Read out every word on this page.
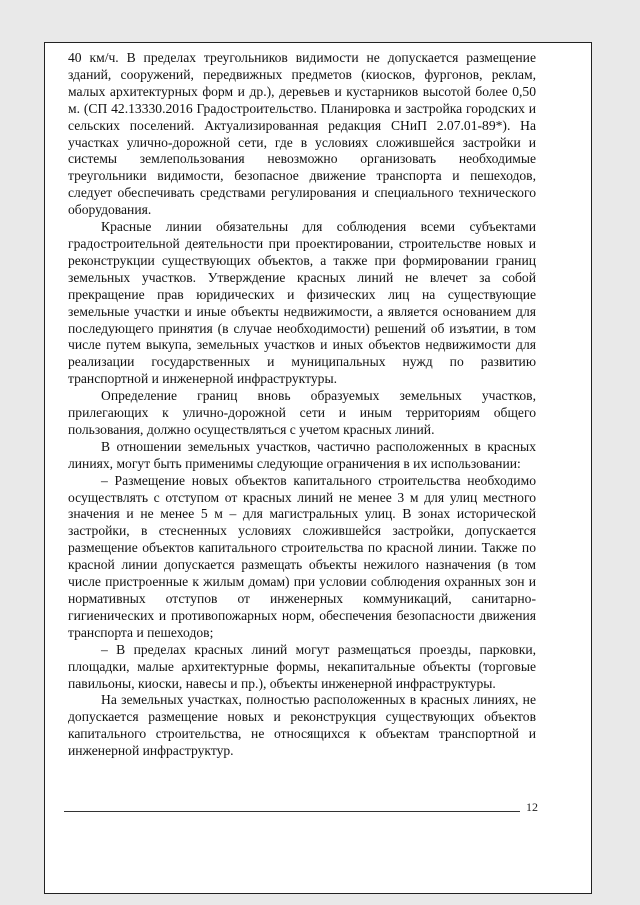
40 км/ч. В пределах треугольников видимости не допускается размещение зданий, сооружений, передвижных предметов (киосков, фургонов, реклам, малых архитектурных форм и др.), деревьев и кустарников высотой более 0,50 м. (СП 42.13330.2016 Градостроительство. Планировка и застройка городских и сельских поселений. Актуализированная редакция СНиП 2.07.01-89*). На участках улично-дорожной сети, где в условиях сложившейся застройки и системы землепользования невозможно организовать необходимые треугольники видимости, безопасное движение транспорта и пешеходов, следует обеспечивать средствами регулирования и специального технического оборудования.

Красные линии обязательны для соблюдения всеми субъектами градостроительной деятельности при проектировании, строительстве новых и реконструкции существующих объектов, а также при формировании границ земельных участков. Утверждение красных линий не влечет за собой прекращение прав юридических и физических лиц на существующие земельные участки и иные объекты недвижимости, а является основанием для последующего принятия (в случае необходимости) решений об изъятии, в том числе путем выкупа, земельных участков и иных объектов недвижимости для реализации государственных и муниципальных нужд по развитию транспортной и инженерной инфраструктуры.

Определение границ вновь образуемых земельных участков, прилегающих к улично-дорожной сети и иным территориям общего пользования, должно осуществляться с учетом красных линий.

В отношении земельных участков, частично расположенных в красных линиях, могут быть применимы следующие ограничения в их использовании:

– Размещение новых объектов капитального строительства необходимо осуществлять с отступом от красных линий не менее 3 м для улиц местного значения и не менее 5 м – для магистральных улиц. В зонах исторической застройки, в стесненных условиях сложившейся застройки, допускается размещение объектов капитального строительства по красной линии. Также по красной линии допускается размещать объекты нежилого назначения (в том числе пристроенные к жилым домам) при условии соблюдения охранных зон и нормативных отступов от инженерных коммуникаций, санитарно-гигиенических и противопожарных норм, обеспечения безопасности движения транспорта и пешеходов;

– В пределах красных линий могут размещаться проезды, парковки, площадки, малые архитектурные формы, некапитальные объекты (торговые павильоны, киоски, навесы и пр.), объекты инженерной инфраструктуры.

На земельных участках, полностью расположенных в красных линиях, не допускается размещение новых и реконструкция существующих объектов капитального строительства, не относящихся к объектам транспортной и инженерной инфраструктур.

12
